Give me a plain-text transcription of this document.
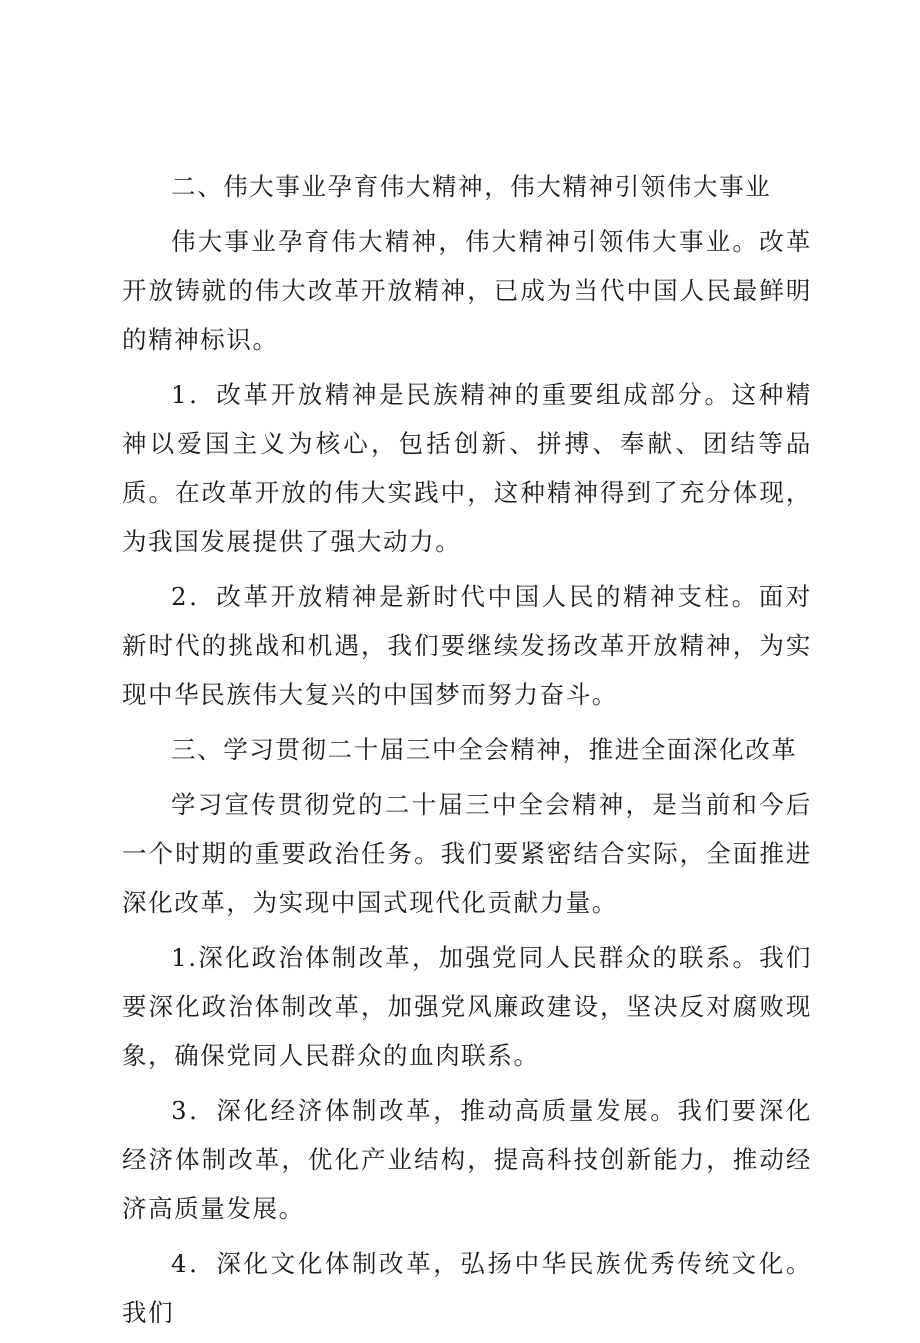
二、伟大事业孕育伟大精神，伟大精神引领伟大事业

伟大事业孕育伟大精神，伟大精神引领伟大事业。改革开放铸就的伟大改革开放精神，已成为当代中国人民最鲜明的精神标识。

1．改革开放精神是民族精神的重要组成部分。这种精神以爱国主义为核心，包括创新、拼搏、奉献、团结等品质。在改革开放的伟大实践中，这种精神得到了充分体现，为我国发展提供了强大动力。

2．改革开放精神是新时代中国人民的精神支柱。面对新时代的挑战和机遇，我们要继续发扬改革开放精神，为实现中华民族伟大复兴的中国梦而努力奋斗。

三、学习贯彻二十届三中全会精神，推进全面深化改革

学习宣传贯彻党的二十届三中全会精神，是当前和今后一个时期的重要政治任务。我们要紧密结合实际，全面推进深化改革，为实现中国式现代化贡献力量。

1.深化政治体制改革，加强党同人民群众的联系。我们要深化政治体制改革，加强党风廉政建设，坚决反对腐败现象，确保党同人民群众的血肉联系。

3．深化经济体制改革，推动高质量发展。我们要深化经济体制改革，优化产业结构，提高科技创新能力，推动经济高质量发展。

4．深化文化体制改革，弘扬中华民族优秀传统文化。我们
